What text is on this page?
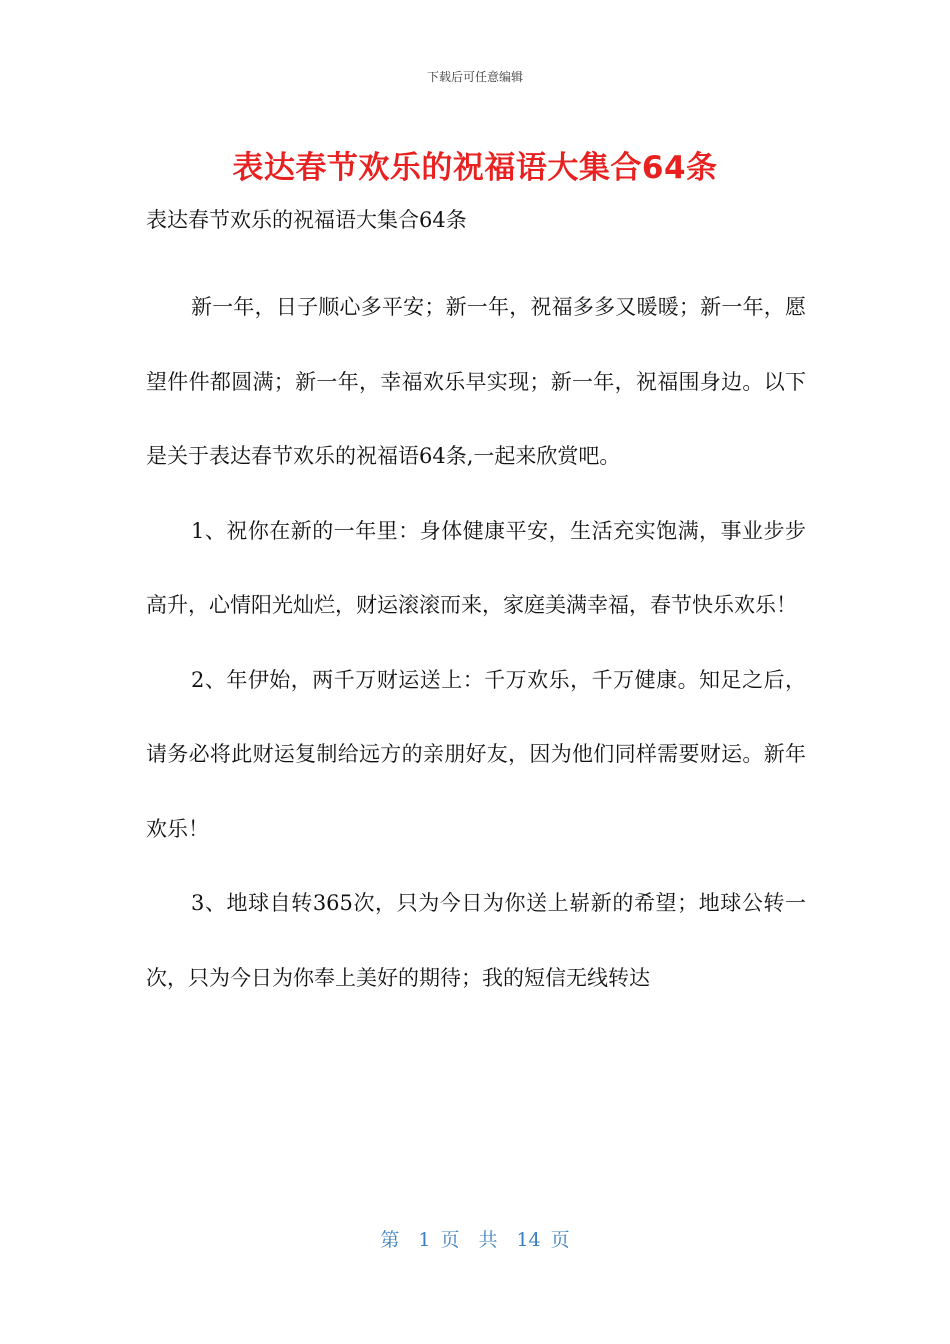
下载后可任意编辑
表达春节欢乐的祝福语大集合64条
表达春节欢乐的祝福语大集合64条

新一年，日子顺心多平安；新一年，祝福多多又暖暖；新一年，愿望件件都圆满；新一年，幸福欢乐早实现；新一年，祝福围身边。以下是关于表达春节欢乐的祝福语64条,一起来欣赏吧。

1、祝你在新的一年里：身体健康平安，生活充实饱满，事业步步高升，心情阳光灿烂，财运滚滚而来，家庭美满幸福，春节快乐欢乐！

2、年伊始，两千万财运送上：千万欢乐，千万健康。知足之后，请务必将此财运复制给远方的亲朋好友，因为他们同样需要财运。新年欢乐！

3、地球自转365次，只为今日为你送上崭新的希望；地球公转一次，只为今日为你奉上美好的期待；我的短信无线转达

第　1 页　共　14 页
